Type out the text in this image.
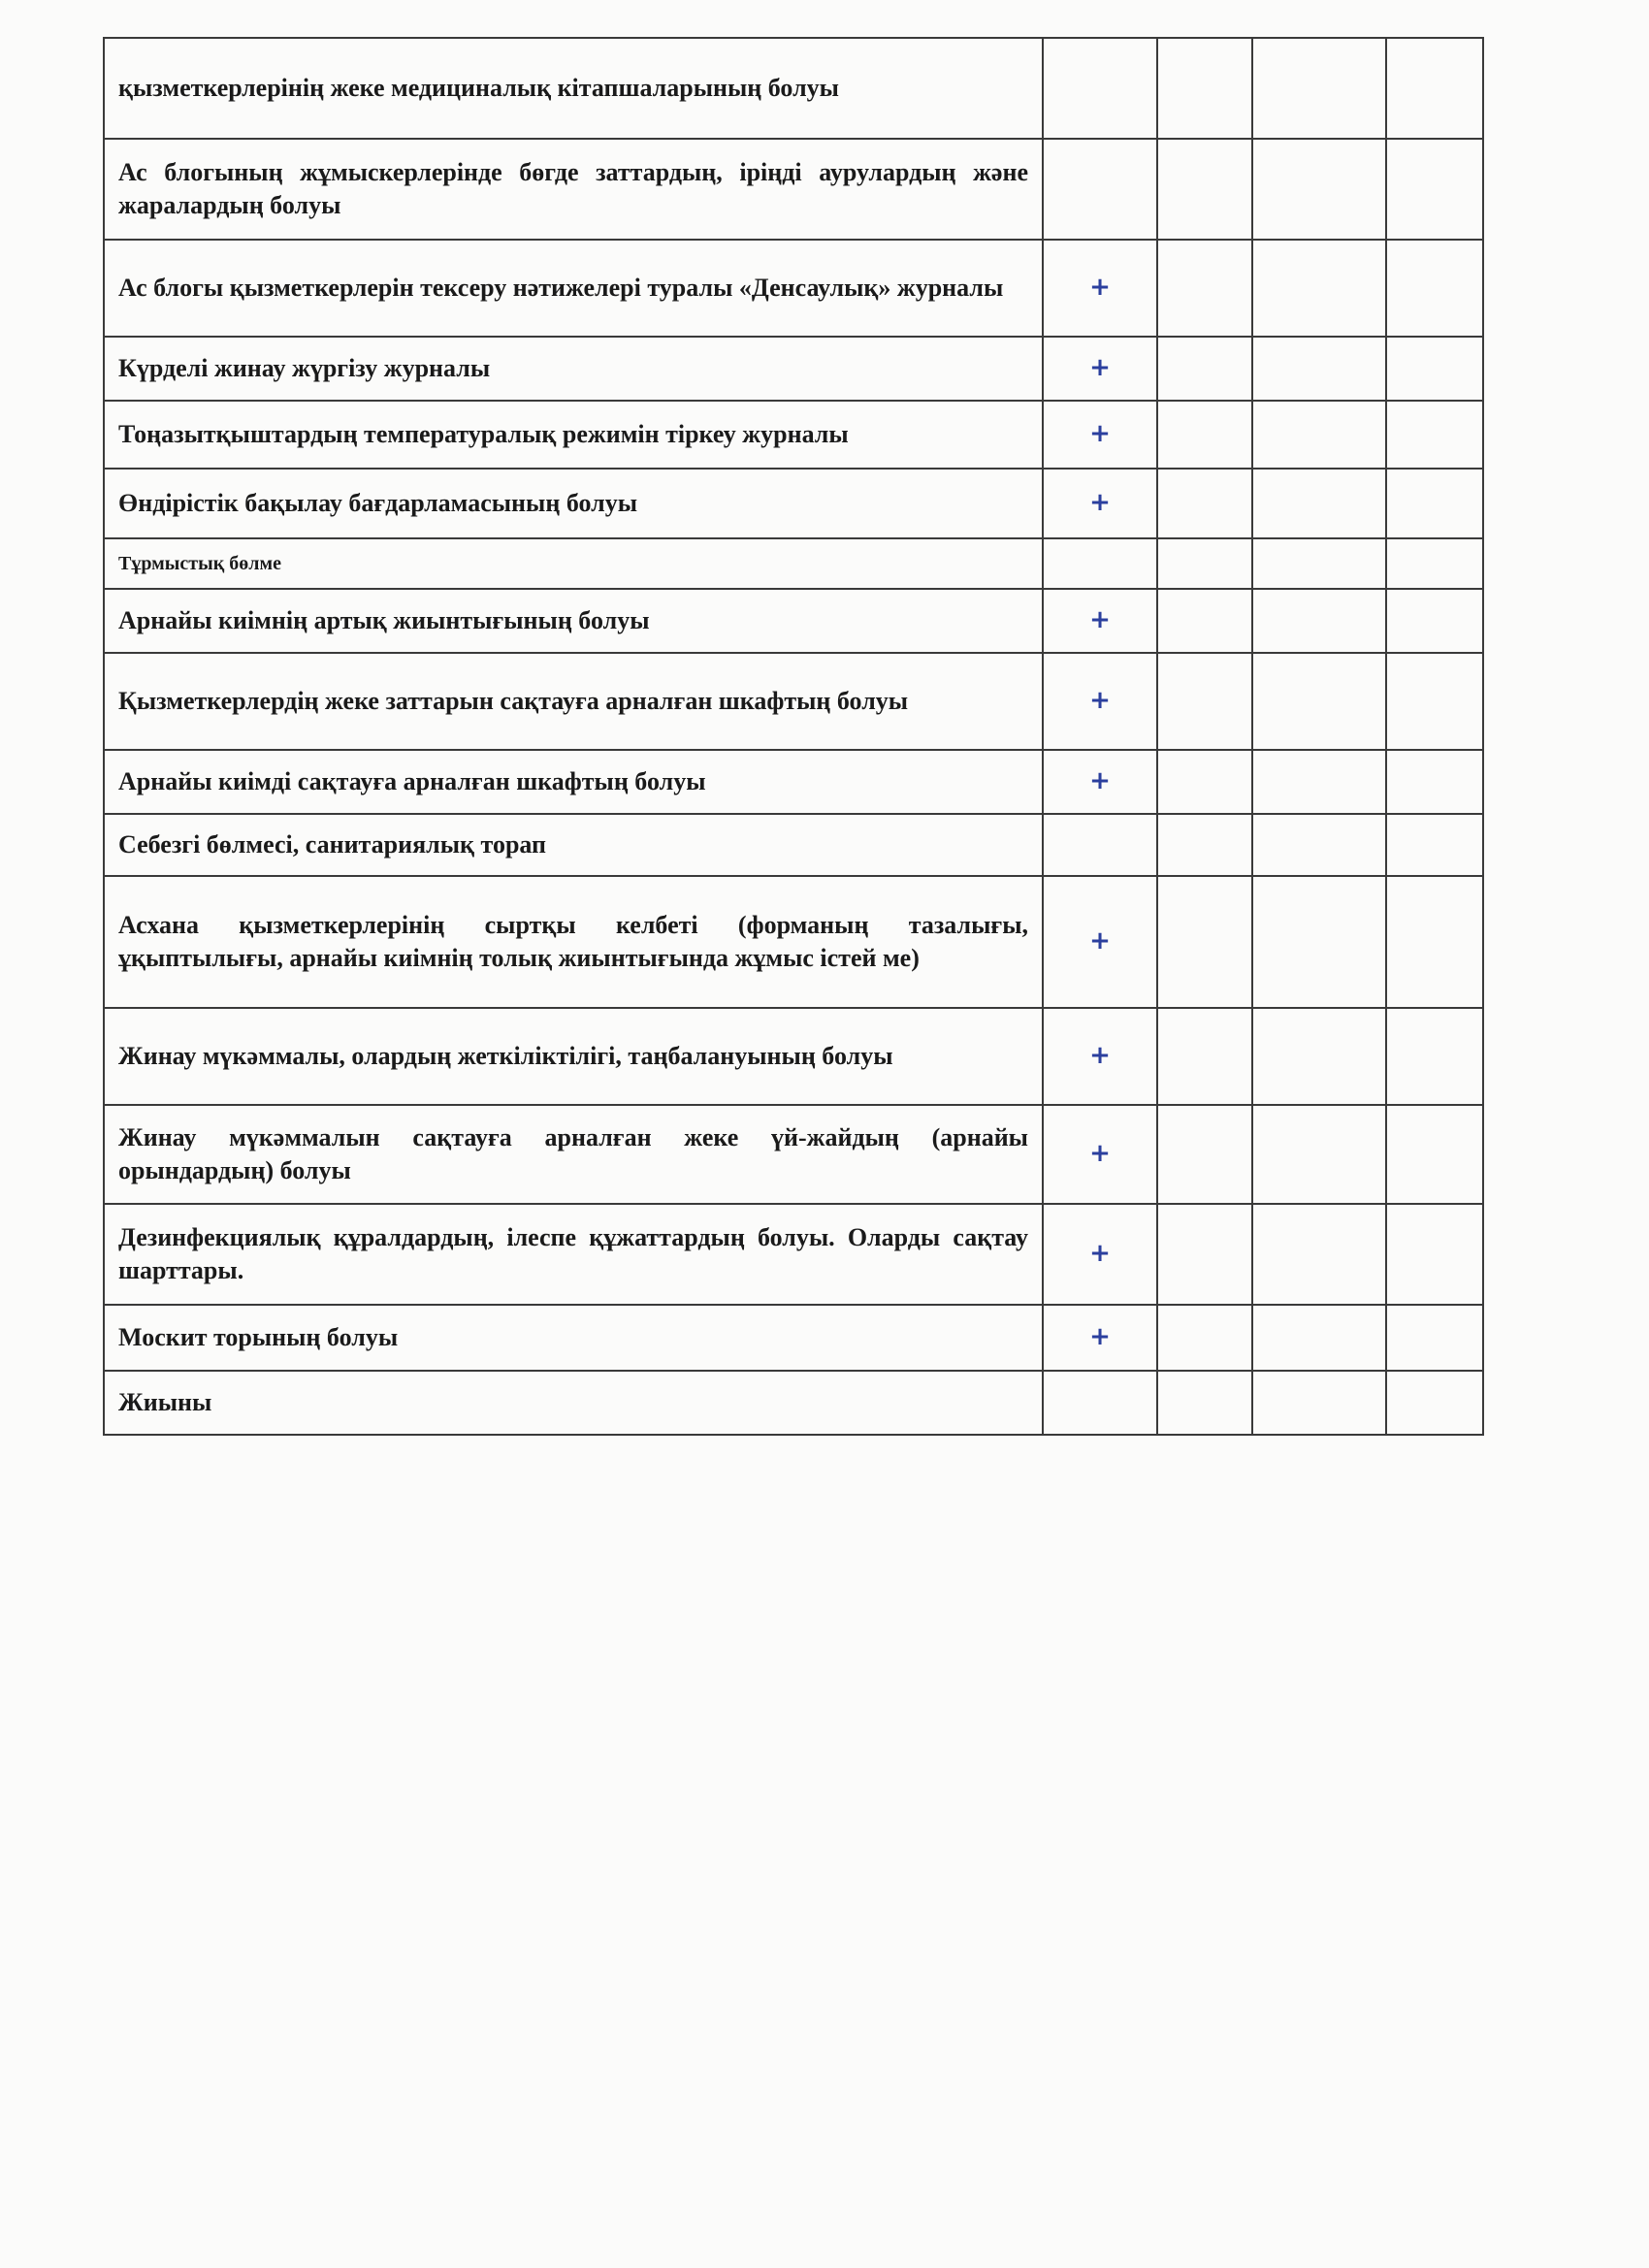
қызметкерлерінің жеке медициналық кітапшаларының болуы				
Ас блогының жұмыскерлерінде бөгде заттардың, іріңді аурулардың және жаралардың болуы				
Ас блогы қызметкерлерін тексеру нәтижелері туралы «Денсаулық» журналы	+			
Күрделі жинау жүргізу журналы	+			
Тоңазытқыштардың температуралық режимін тіркеу журналы	+			
Өндірістік бақылау бағдарламасының болуы	+			
Тұрмыстық бөлме				
Арнайы киімнің артық жиынтығының болуы	+			
Қызметкерлердің жеке заттарын сақтауға арналған шкафтың болуы	+			
Арнайы киімді сақтауға арналған шкафтың болуы	+			
Себезгі бөлмесі, санитариялық торап				
Асхана қызметкерлерінің сыртқы келбеті (форманың тазалығы, ұқыптылығы, арнайы киімнің толық жиынтығында жұмыс істей ме)	+			
Жинау мүкәммалы, олардың жеткіліктілігі, таңбалануының болуы	+			
Жинау мүкәммалын сақтауға арналған жеке үй-жайдың (арнайы орындардың) болуы	+			
Дезинфекциялық құралдардың, ілеспе құжаттардың болуы. Оларды сақтау шарттары.	+			
Москит торының болуы	+			
Жиыны				
